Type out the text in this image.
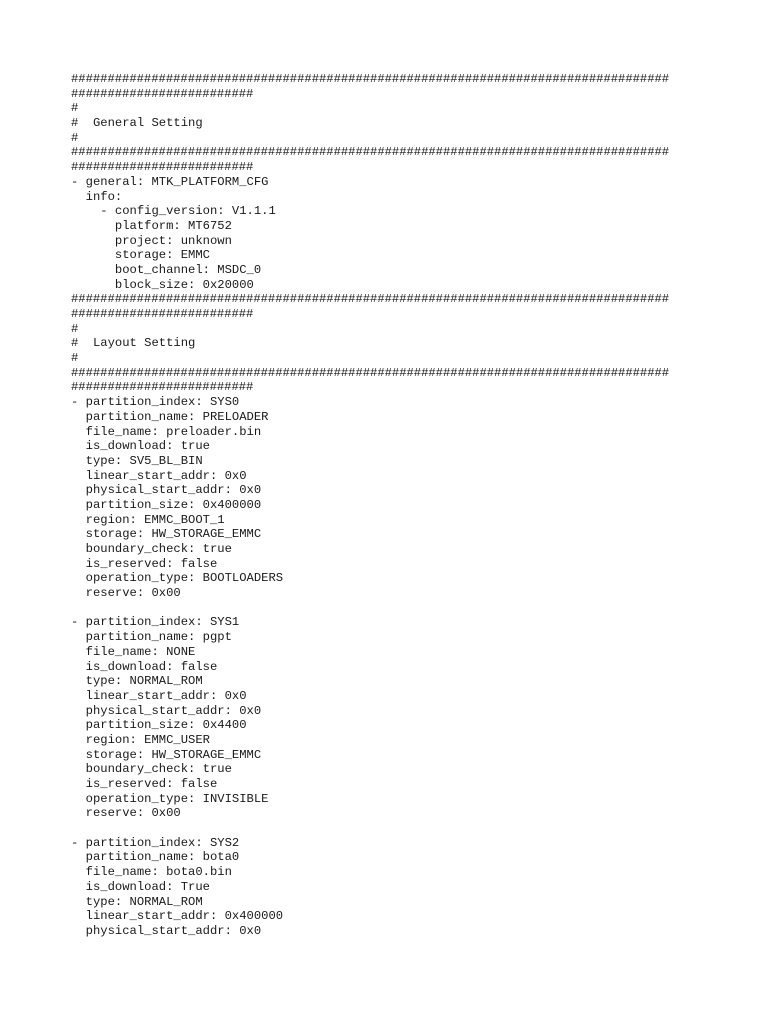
##################################################################################
#########################
#
#  General Setting
#
##################################################################################
#########################
- general: MTK_PLATFORM_CFG
info:
- config_version: V1.1.1
platform: MT6752
project: unknown
storage: EMMC
boot_channel: MSDC_0
block_size: 0x20000
##################################################################################
#########################
#
#  Layout Setting
#
##################################################################################
#########################
- partition_index: SYS0
partition_name: PRELOADER
file_name: preloader.bin
is_download: true
type: SV5_BL_BIN
linear_start_addr: 0x0
physical_start_addr: 0x0
partition_size: 0x400000
region: EMMC_BOOT_1
storage: HW_STORAGE_EMMC
boundary_check: true
is_reserved: false
operation_type: BOOTLOADERS
reserve: 0x00
- partition_index: SYS1
partition_name: pgpt
file_name: NONE
is_download: false
type: NORMAL_ROM
linear_start_addr: 0x0
physical_start_addr: 0x0
partition_size: 0x4400
region: EMMC_USER
storage: HW_STORAGE_EMMC
boundary_check: true
is_reserved: false
operation_type: INVISIBLE
reserve: 0x00
- partition_index: SYS2
partition_name: bota0
file_name: bota0.bin
is_download: True
type: NORMAL_ROM
linear_start_addr: 0x400000
physical_start_addr: 0x0
